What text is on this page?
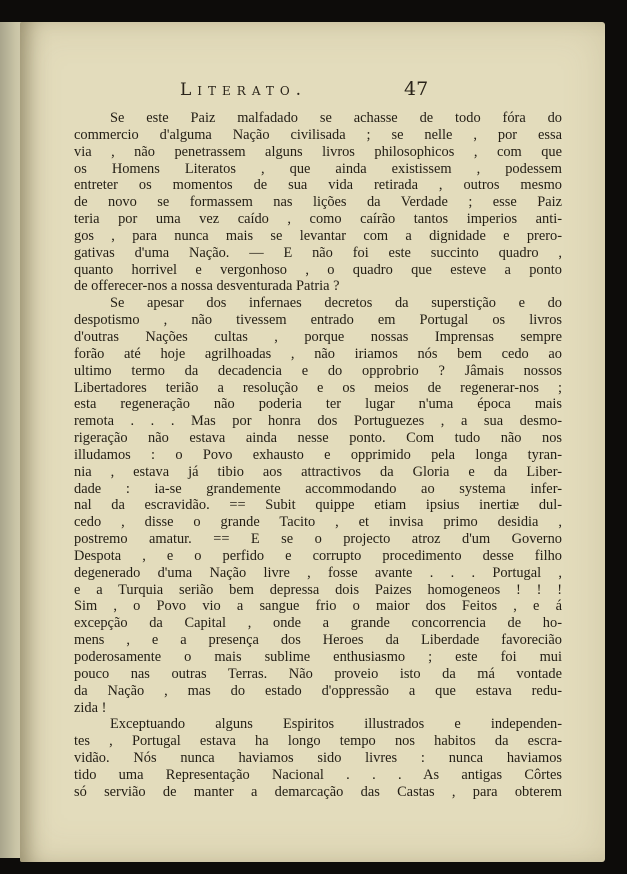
Literato.	47
Se este Paiz malfadado se achasse de todo fóra do
commercio d'alguma Nação civilisada ; se nelle , por essa
via , não penetrassem alguns livros philosophicos , com que
os Homens Literatos , que ainda existissem , podessem
entreter os momentos de sua vida retirada , outros mesmo
de novo se formassem nas lições da Verdade ; esse Paiz
teria por uma vez caído , como caírão tantos imperios anti-
gos , para nunca mais se levantar com a dignidade e prero-
gativas d'uma Nação. — E não foi este succinto quadro ,
quanto horrivel e vergonhoso , o quadro que esteve a ponto
de offerecer-nos a nossa desventurada Patria ?
Se apesar dos infernaes decretos da superstição e do
despotismo , não tivessem entrado em Portugal os livros
d'outras Nações cultas , porque nossas Imprensas sempre
forão até hoje agrilhoadas , não iriamos nós bem cedo ao
ultimo termo da decadencia e do opprobrio ? Jâmais nossos
Libertadores terião a resolução e os meios de regenerar-nos ;
esta regeneração não poderia ter lugar n'uma época mais
remota . . . Mas por honra dos Portuguezes , a sua desmo-
rigeração não estava ainda nesse ponto. Com tudo não nos
illudamos : o Povo exhausto e opprimido pela longa tyran-
nia , estava já tibio aos attractivos da Gloria e da Liber-
dade : ia-se grandemente accommodando ao systema infer-
nal da escravidão. == Subit quippe etiam ipsius inertiæ dul-
cedo , disse o grande Tacito , et invisa primo desidia ,
postremo amatur. == E se o projecto atroz d'um Governo
Despota , e o perfido e corrupto procedimento desse filho
degenerado d'uma Nação livre , fosse avante . . . Portugal ,
e a Turquia serião bem depressa dois Paizes homogeneos ! ! !
Sim , o Povo vio a sangue frio o maior dos Feitos , e á
excepção da Capital , onde a grande concorrencia de ho-
mens , e a presença dos Heroes da Liberdade favorecião
poderosamente o mais sublime enthusiasmo ; este foi mui
pouco nas outras Terras. Não proveio isto da má vontade
da Nação , mas do estado d'oppressão a que estava redu-
zida !
Exceptuando alguns Espiritos illustrados e independen-
tes , Portugal estava ha longo tempo nos habitos da escra-
vidão. Nós nunca haviamos sido livres : nunca haviamos
tido uma Representação Nacional . . . As antigas Côrtes
só servião de manter a demarcação das Castas , para obterem
